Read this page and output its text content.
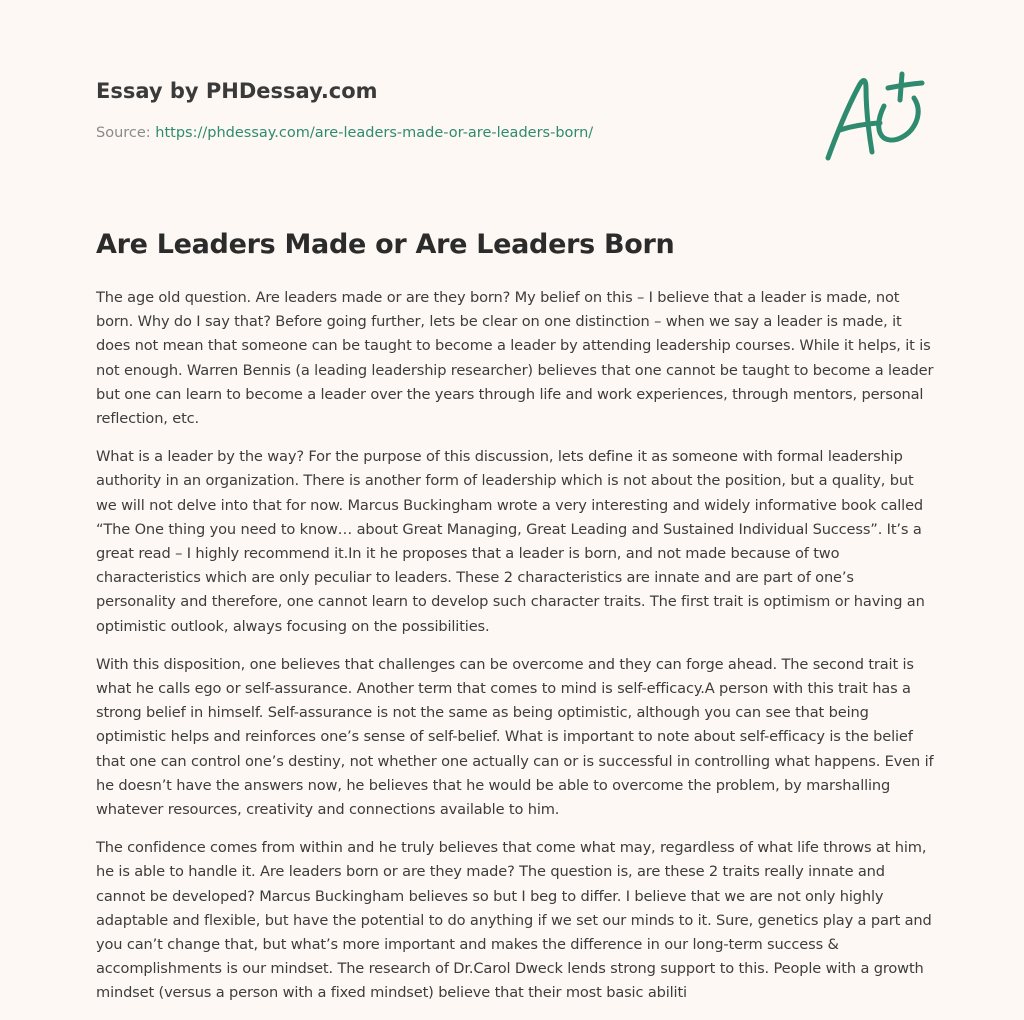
Essay by PHDessay.com
Source: https://phdessay.com/are-leaders-made-or-are-leaders-born/
Are Leaders Made or Are Leaders Born

The age old question. Are leaders made or are they born? My belief on this – I believe that a leader is made, not born. Why do I say that? Before going further, lets be clear on one distinction – when we say a leader is made, it does not mean that someone can be taught to become a leader by attending leadership courses. While it helps, it is not enough. Warren Bennis (a leading leadership researcher) believes that one cannot be taught to become a leader but one can learn to become a leader over the years through life and work experiences, through mentors, personal reflection, etc.

What is a leader by the way? For the purpose of this discussion, lets define it as someone with formal leadership authority in an organization. There is another form of leadership which is not about the position, but a quality, but we will not delve into that for now. Marcus Buckingham wrote a very interesting and widely informative book called “The One thing you need to know… about Great Managing, Great Leading and Sustained Individual Success”. It’s a great read – I highly recommend it.In it he proposes that a leader is born, and not made because of two characteristics which are only peculiar to leaders. These 2 characteristics are innate and are part of one’s personality and therefore, one cannot learn to develop such character traits. The first trait is optimism or having an optimistic outlook, always focusing on the possibilities.

With this disposition, one believes that challenges can be overcome and they can forge ahead. The second trait is what he calls ego or self-assurance. Another term that comes to mind is self-efficacy.A person with this trait has a strong belief in himself. Self-assurance is not the same as being optimistic, although you can see that being optimistic helps and reinforces one’s sense of self-belief. What is important to note about self-efficacy is the belief that one can control one’s destiny, not whether one actually can or is successful in controlling what happens. Even if he doesn’t have the answers now, he believes that he would be able to overcome the problem, by marshalling whatever resources, creativity and connections available to him.

The confidence comes from within and he truly believes that come what may, regardless of what life throws at him, he is able to handle it. Are leaders born or are they made? The question is, are these 2 traits really innate and cannot be developed? Marcus Buckingham believes so but I beg to differ. I believe that we are not only highly adaptable and flexible, but have the potential to do anything if we set our minds to it. Sure, genetics play a part and you can’t change that, but what’s more important and makes the difference in our long-term success & accomplishments is our mindset. The research of Dr.Carol Dweck lends strong support to this. People with a growth mindset (versus a person with a fixed mindset) believe that their most basic abiliti
